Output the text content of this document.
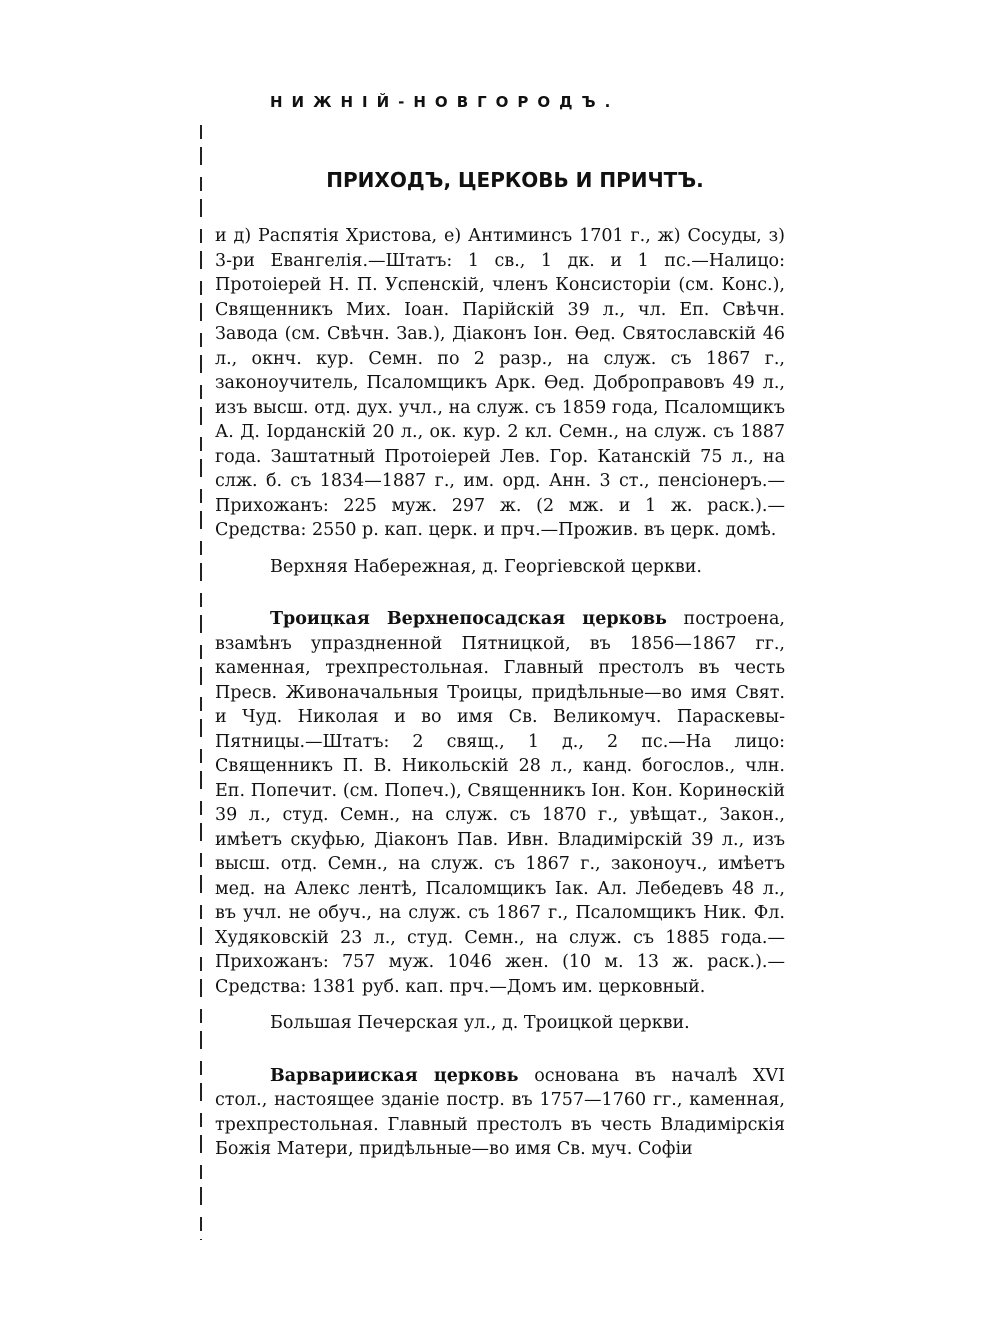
НИЖНІЙ-НОВГОРОДЪ.
ПРИХОДЪ, ЦЕРКОВЬ И ПРИЧТЪ.

и д) Распятія Христова, е) Антиминсъ 1701 г., ж) Сосуды, з) 3-ри Евангелія.—Штатъ: 1 св., 1 дк. и 1 пс.—Налицо: Протоіерей Н. П. Успенскій, членъ Консисторіи (см. Конс.), Священникъ Мих. Іоан. Парійскій 39 л., чл. Еп. Свѣчн. Завода (см. Свѣчн. Зав.), Діаконъ Іон. Ѳед. Святославскій 46 л., окнч. кур. Семн. по 2 разр., на служ. съ 1867 г., законоучитель, Псаломщикъ Арк. Ѳед. Доброправовъ 49 л., изъ высш. отд. дух. учл., на служ. съ 1859 года, Псаломщикъ А. Д. Іорданскій 20 л., ок. кур. 2 кл. Семн., на служ. съ 1887 года. Заштатный Протоіерей Лев. Гор. Катанскій 75 л., на слж. б. съ 1834—1887 г., им. орд. Анн. 3 ст., пенсіонеръ.—Прихожанъ: 225 муж. 297 ж. (2 мж. и 1 ж. раск.).—Средства: 2550 р. кап. церк. и прч.—Прожив. въ церк. домѣ.

Верхняя Набережная, д. Георгіевской церкви.

Троицкая Верхнепосадская церковь построена, взамѣнъ упраздненной Пятницкой, въ 1856—1867 гг., каменная, трехпрестольная. Главный престолъ въ честь Пресв. Живоначальныя Троицы, придѣльные—во имя Свят. и Чуд. Николая и во имя Св. Великомуч. Параскевы-Пятницы.—Штатъ: 2 свящ., 1 д., 2 пс.—На лицо: Священникъ П. В. Никольскій 28 л., канд. богослов., члн. Еп. Попечит. (см. Попеч.), Священникъ Іон. Кон. Коринѳскій 39 л., студ. Семн., на служ. съ 1870 г., увѣщат., Закон., имѣетъ скуфью, Діаконъ Пав. Ивн. Владимірскій 39 л., изъ высш. отд. Семн., на служ. съ 1867 г., законоуч., имѣетъ мед. на Алекс лентѣ, Псаломщикъ Іак. Ал. Лебедевъ 48 л., въ учл. не обуч., на служ. съ 1867 г., Псаломщикъ Ник. Фл. Худяковскій 23 л., студ. Семн., на служ. съ 1885 года.—Прихожанъ: 757 муж. 1046 жен. (10 м. 13 ж. раск.).—Средства: 1381 руб. кап. прч.—Домъ им. церковный.

Большая Печерская ул., д. Троицкой церкви.

Варварииская церковь основана въ началѣ XVI стол., настоящее зданіе постр. въ 1757—1760 гг., каменная, трехпрестольная. Главный престолъ въ честь Владимірскія Божія Матери, придѣльные—во имя Св. муч. Софіи
